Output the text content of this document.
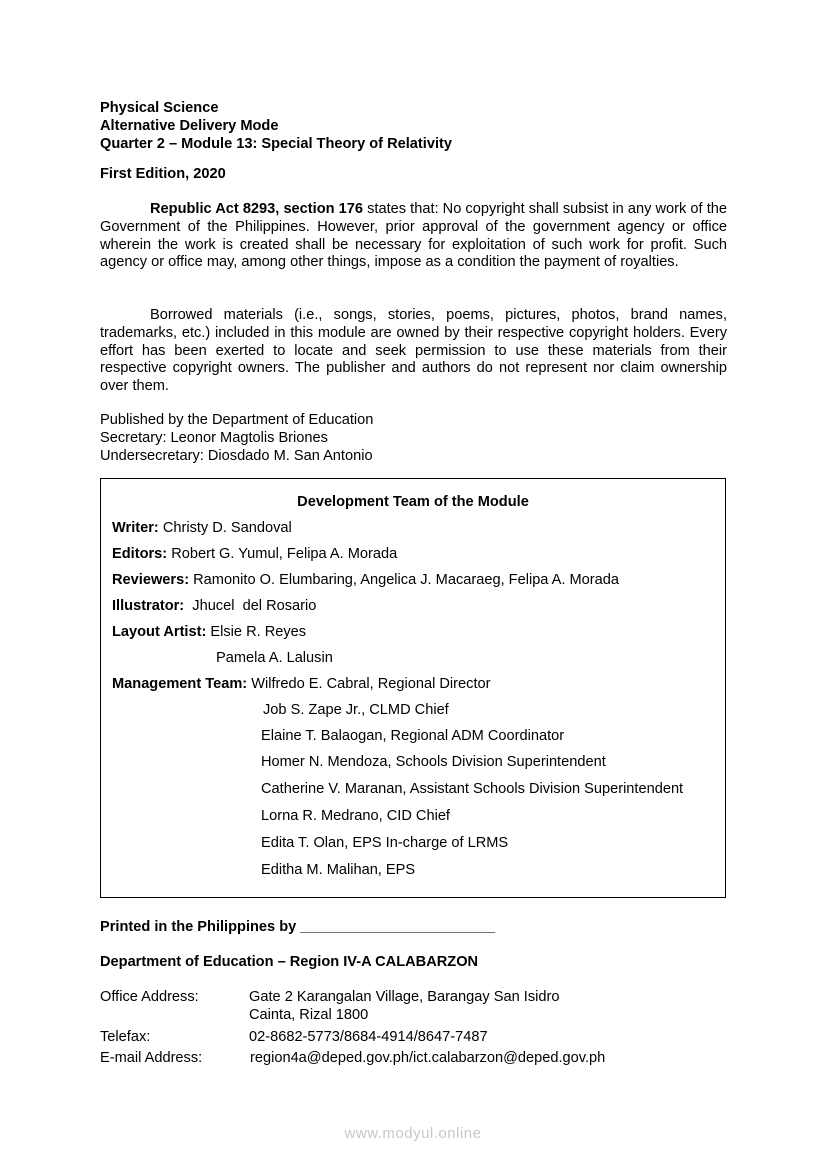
Physical Science
Alternative Delivery Mode
Quarter 2 – Module 13: Special Theory of Relativity
First Edition, 2020
Republic Act 8293, section 176 states that: No copyright shall subsist in any work of the Government of the Philippines. However, prior approval of the government agency or office wherein the work is created shall be necessary for exploitation of such work for profit. Such agency or office may, among other things, impose as a condition the payment of royalties.
Borrowed materials (i.e., songs, stories, poems, pictures, photos, brand names, trademarks, etc.) included in this module are owned by their respective copyright holders. Every effort has been exerted to locate and seek permission to use these materials from their respective copyright owners. The publisher and authors do not represent nor claim ownership over them.
Published by the Department of Education
Secretary: Leonor Magtolis Briones
Undersecretary: Diosdado M. San Antonio
Development Team of the Module
Writer: Christy D. Sandoval
Editors: Robert G. Yumul, Felipa A. Morada
Reviewers: Ramonito O. Elumbaring, Angelica J. Macaraeg, Felipa A. Morada
Illustrator:  Jhucel  del Rosario
Layout Artist: Elsie R. Reyes
Pamela A. Lalusin
Management Team: Wilfredo E. Cabral, Regional Director
Job S. Zape Jr., CLMD Chief
Elaine T. Balaogan, Regional ADM Coordinator
Homer N. Mendoza, Schools Division Superintendent
Catherine V. Maranan, Assistant Schools Division Superintendent
Lorna R. Medrano, CID Chief
Edita T. Olan, EPS In-charge of LRMS
Editha M. Malihan, EPS
Printed in the Philippines by ________________________
Department of Education – Region IV-A CALABARZON
Office Address:	Gate 2 Karangalan Village, Barangay San Isidro
Cainta, Rizal 1800
Telefax:	02-8682-5773/8684-4914/8647-7487
E-mail Address:	region4a@deped.gov.ph/ict.calabarzon@deped.gov.ph
www.modyul.online
